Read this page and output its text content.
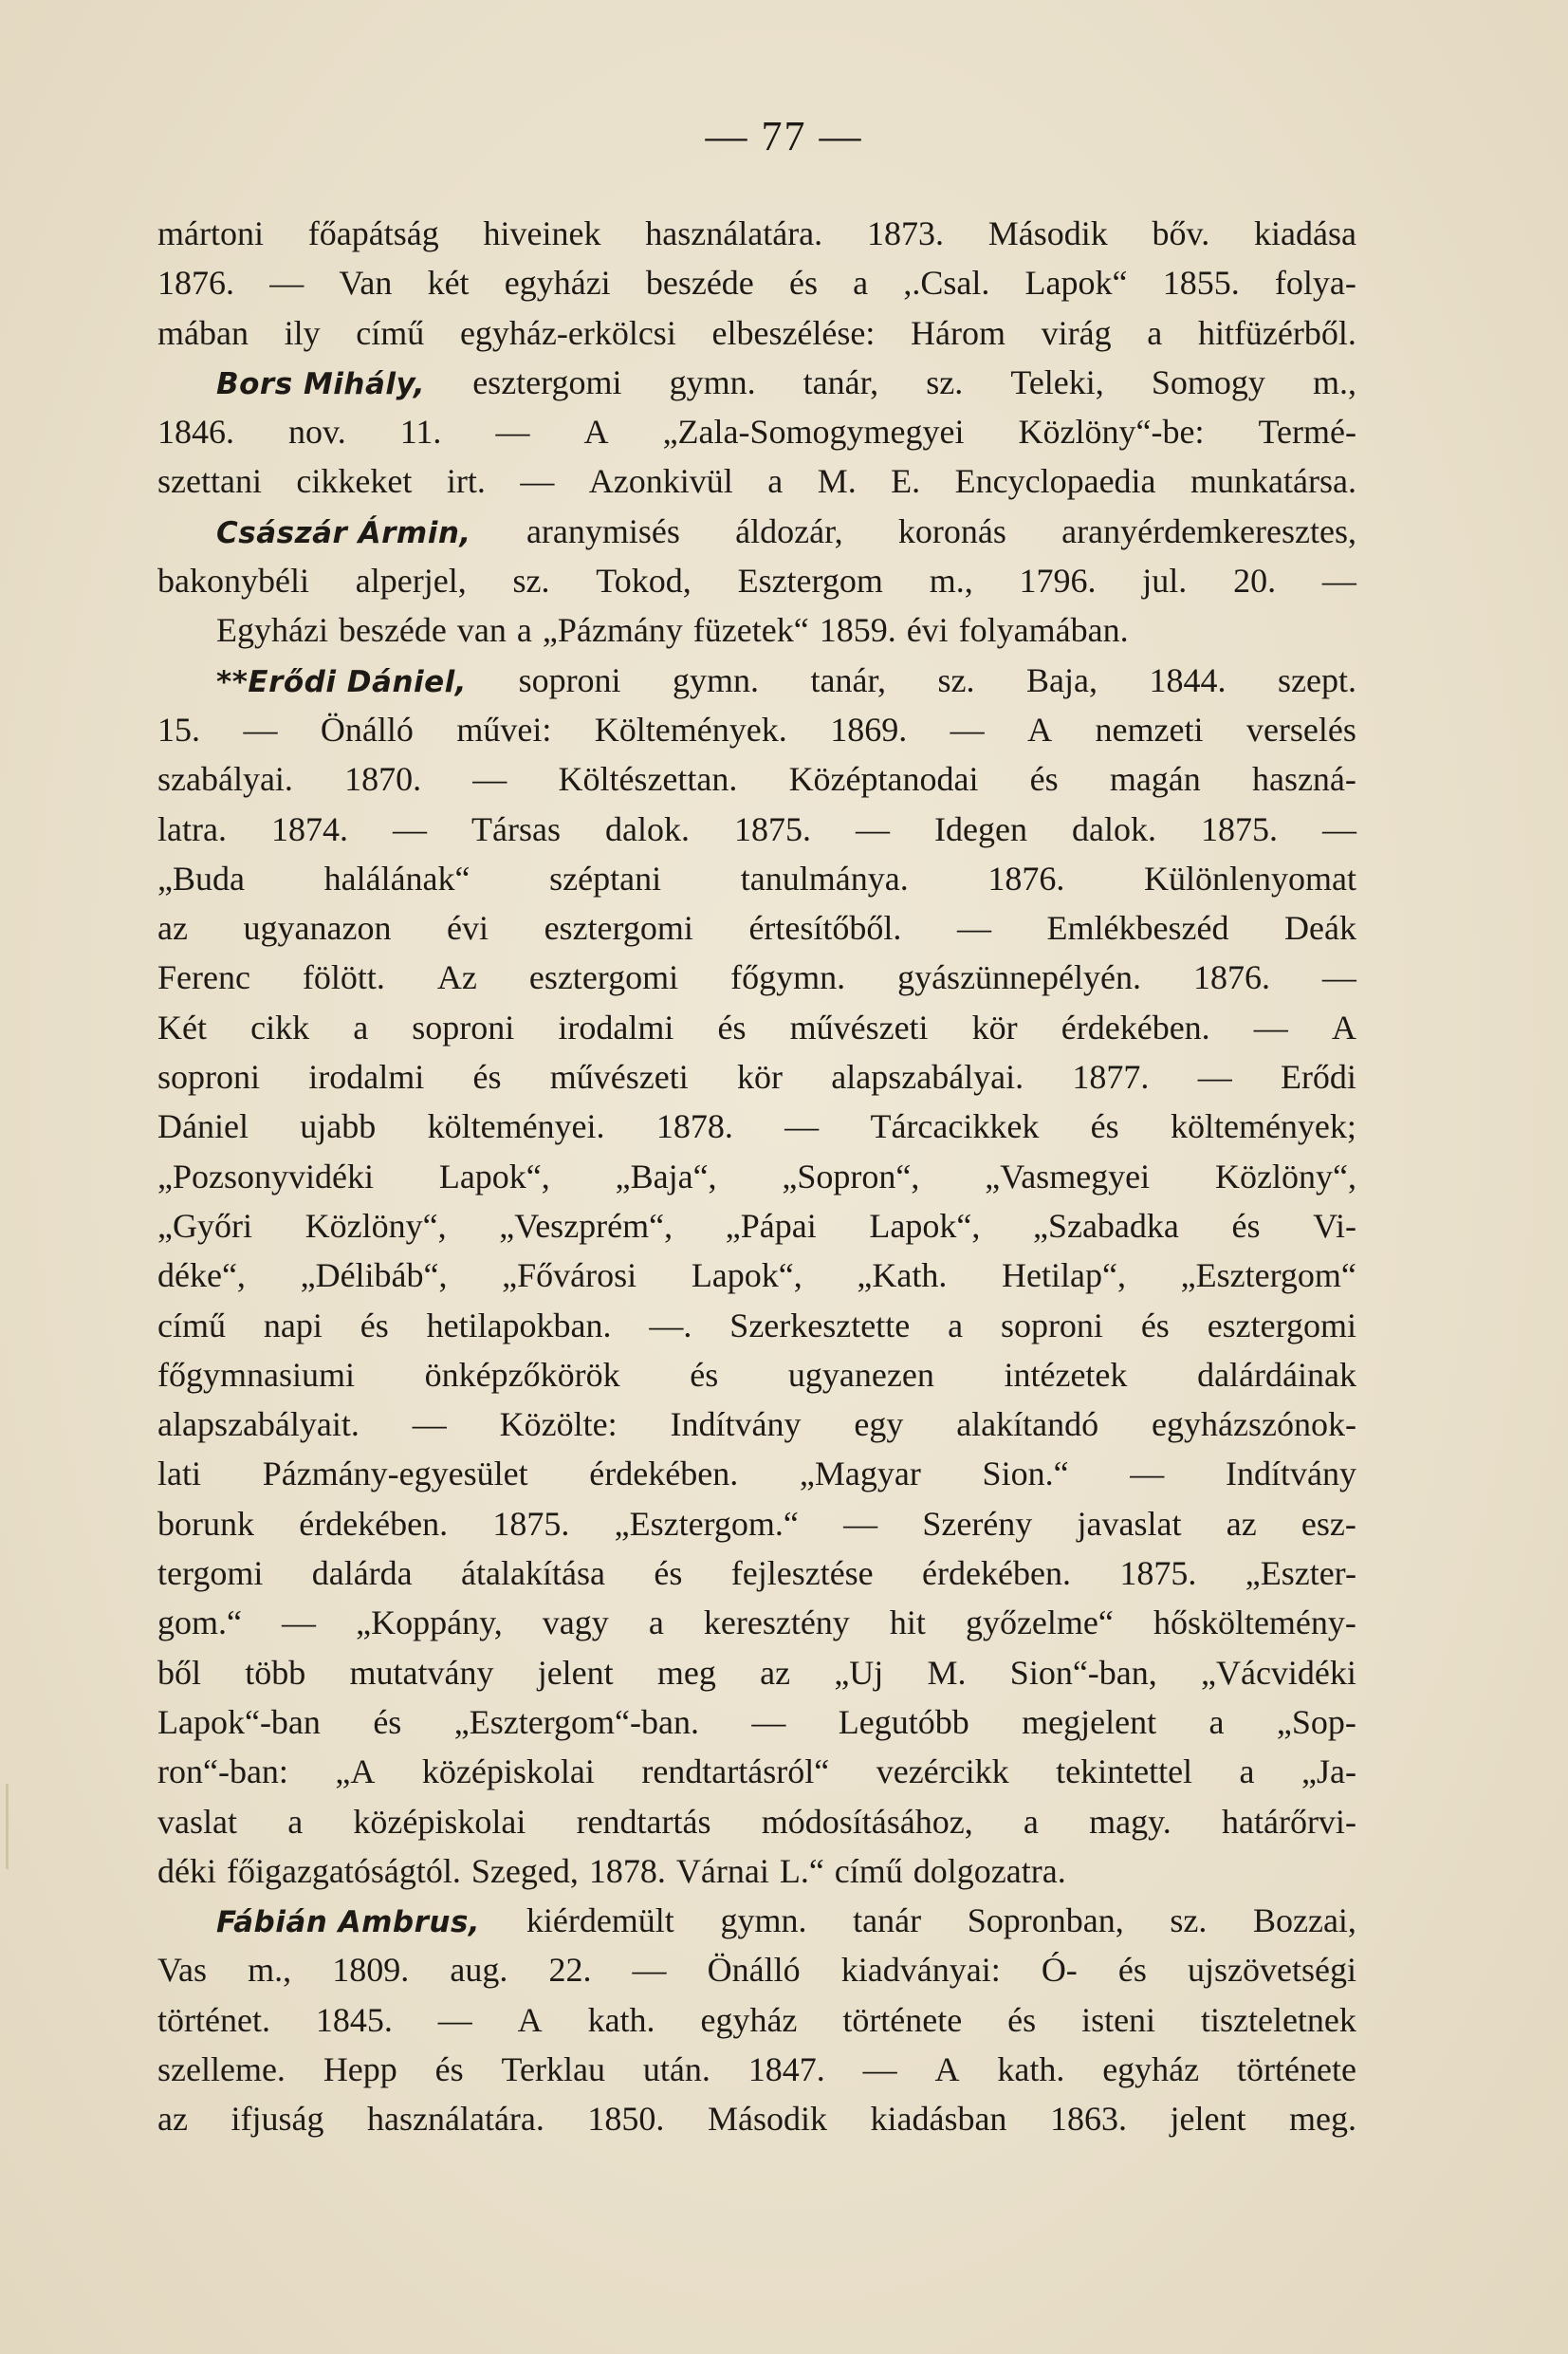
— 77 —
mártoni főapátság hiveinek használatára. 1873. Második bőv. kiadása
1876. — Van két egyházi beszéde és a ,.Csal. Lapok“ 1855. folya-
mában ily című egyház-erkölcsi elbeszélése: Három virág a hitfüzérből.
Bors Mihály, esztergomi gymn. tanár, sz. Teleki, Somogy m.,
1846. nov. 11. — A „Zala-Somogymegyei Közlöny“-be: Termé-
szettani cikkeket irt. — Azonkivül a M. E. Encyclopaedia munkatársa.
Császár Ármin, aranymisés áldozár, koronás aranyérdemkeresztes,
bakonybéli alperjel, sz. Tokod, Esztergom m., 1796. jul. 20. —
Egyházi beszéde van a „Pázmány füzetek“ 1859. évi folyamában.
**Erődi Dániel, soproni gymn. tanár, sz. Baja, 1844. szept.
15. — Önálló művei: Költemények. 1869. — A nemzeti verselés
szabályai. 1870. — Költészettan. Középtanodai és magán haszná-
latra. 1874. — Társas dalok. 1875. — Idegen dalok. 1875. —
„Buda halálának“ széptani tanulmánya. 1876. Különlenyomat
az ugyanazon évi esztergomi értesítőből. — Emlékbeszéd Deák
Ferenc fölött. Az esztergomi főgymn. gyászünnepélyén. 1876. —
Két cikk a soproni irodalmi és művészeti kör érdekében. — A
soproni irodalmi és művészeti kör alapszabályai. 1877. — Erődi
Dániel ujabb költeményei. 1878. — Tárcacikkek és költemények;
„Pozsonyvidéki Lapok“, „Baja“, „Sopron“, „Vasmegyei Közlöny“,
„Győri Közlöny“, „Veszprém“, „Pápai Lapok“, „Szabadka és Vi-
déke“, „Délibáb“, „Fővárosi Lapok“, „Kath. Hetilap“, „Esztergom“
című napi és hetilapokban. —. Szerkesztette a soproni és esztergomi
főgymnasiumi önképzőkörök és ugyanezen intézetek dalárdáinak
alapszabályait. — Közölte: Indítvány egy alakítandó egyházszónok-
lati Pázmány-egyesület érdekében. „Magyar Sion.“ — Indítvány
borunk érdekében. 1875. „Esztergom.“ — Szerény javaslat az esz-
tergomi dalárda átalakítása és fejlesztése érdekében. 1875. „Eszter-
gom.“ — „Koppány, vagy a keresztény hit győzelme“ hősköltemény-
ből több mutatvány jelent meg az „Uj M. Sion“-ban, „Vácvidéki
Lapok“-ban és „Esztergom“-ban. — Legutóbb megjelent a „Sop-
ron“-ban: „A középiskolai rendtartásról“ vezércikk tekintettel a „Ja-
vaslat a középiskolai rendtartás módosításához, a magy. határőrvi-
déki főigazgatóságtól. Szeged, 1878. Várnai L.“ című dolgozatra.
Fábián Ambrus, kiérdemült gymn. tanár Sopronban, sz. Bozzai,
Vas m., 1809. aug. 22. — Önálló kiadványai: Ó- és ujszövetségi
történet. 1845. — A kath. egyház története és isteni tiszteletnek
szelleme. Hepp és Terklau után. 1847. — A kath. egyház története
az ifjuság használatára. 1850. Második kiadásban 1863. jelent meg.
